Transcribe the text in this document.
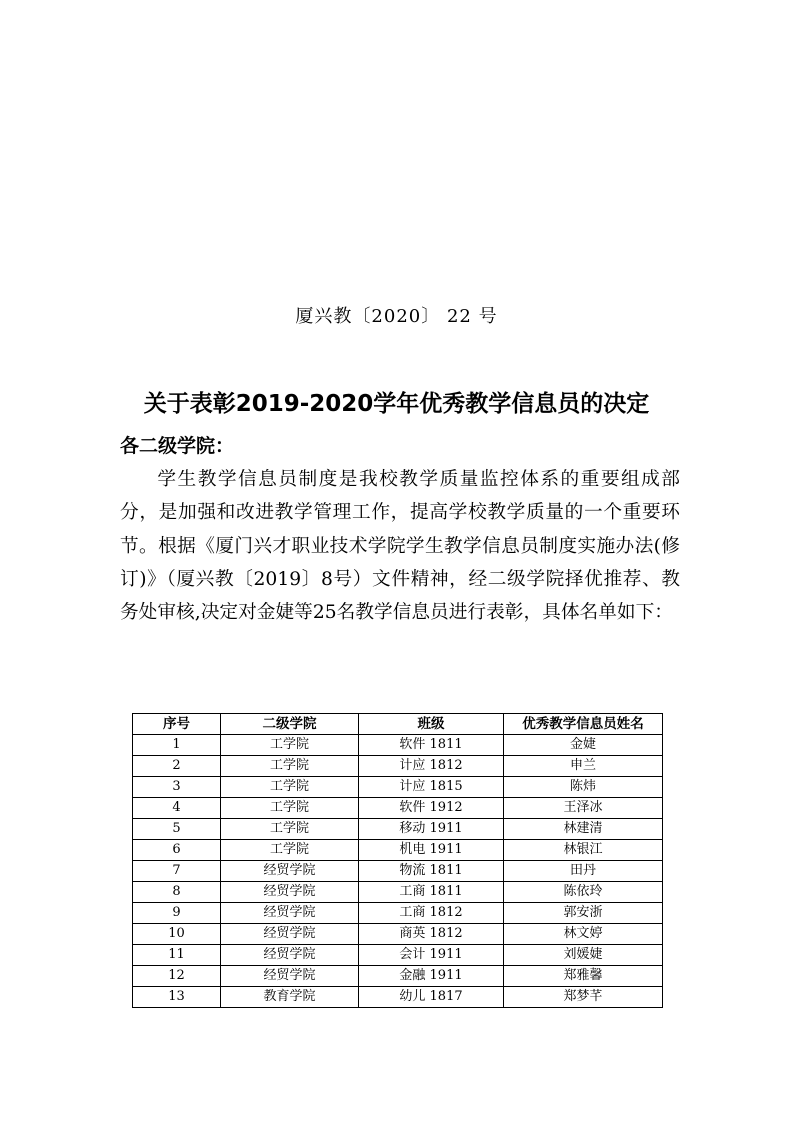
厦兴教〔2020〕 22 号
关于表彰2019-2020学年优秀教学信息员的决定
各二级学院：

学生教学信息员制度是我校教学质量监控体系的重要组成部分，是加强和改进教学管理工作，提高学校教学质量的一个重要环节。根据《厦门兴才职业技术学院学生教学信息员制度实施办法(修订)》（厦兴教〔2019〕8号）文件精神，经二级学院择优推荐、教务处审核,决定对金婕等25名教学信息员进行表彰，具体名单如下：

序号	二级学院	班级	优秀教学信息员姓名
1	工学院	软件 1811	金婕
2	工学院	计应 1812	申兰
3	工学院	计应 1815	陈炜
4	工学院	软件 1912	王泽冰
5	工学院	移动 1911	林建清
6	工学院	机电 1911	林银江
7	经贸学院	物流 1811	田丹
8	经贸学院	工商 1811	陈依玲
9	经贸学院	工商 1812	郭安浙
10	经贸学院	商英 1812	林文婷
11	经贸学院	会计 1911	刘媛婕
12	经贸学院	金融 1911	郑雅馨
13	教育学院	幼儿 1817	郑梦芊
